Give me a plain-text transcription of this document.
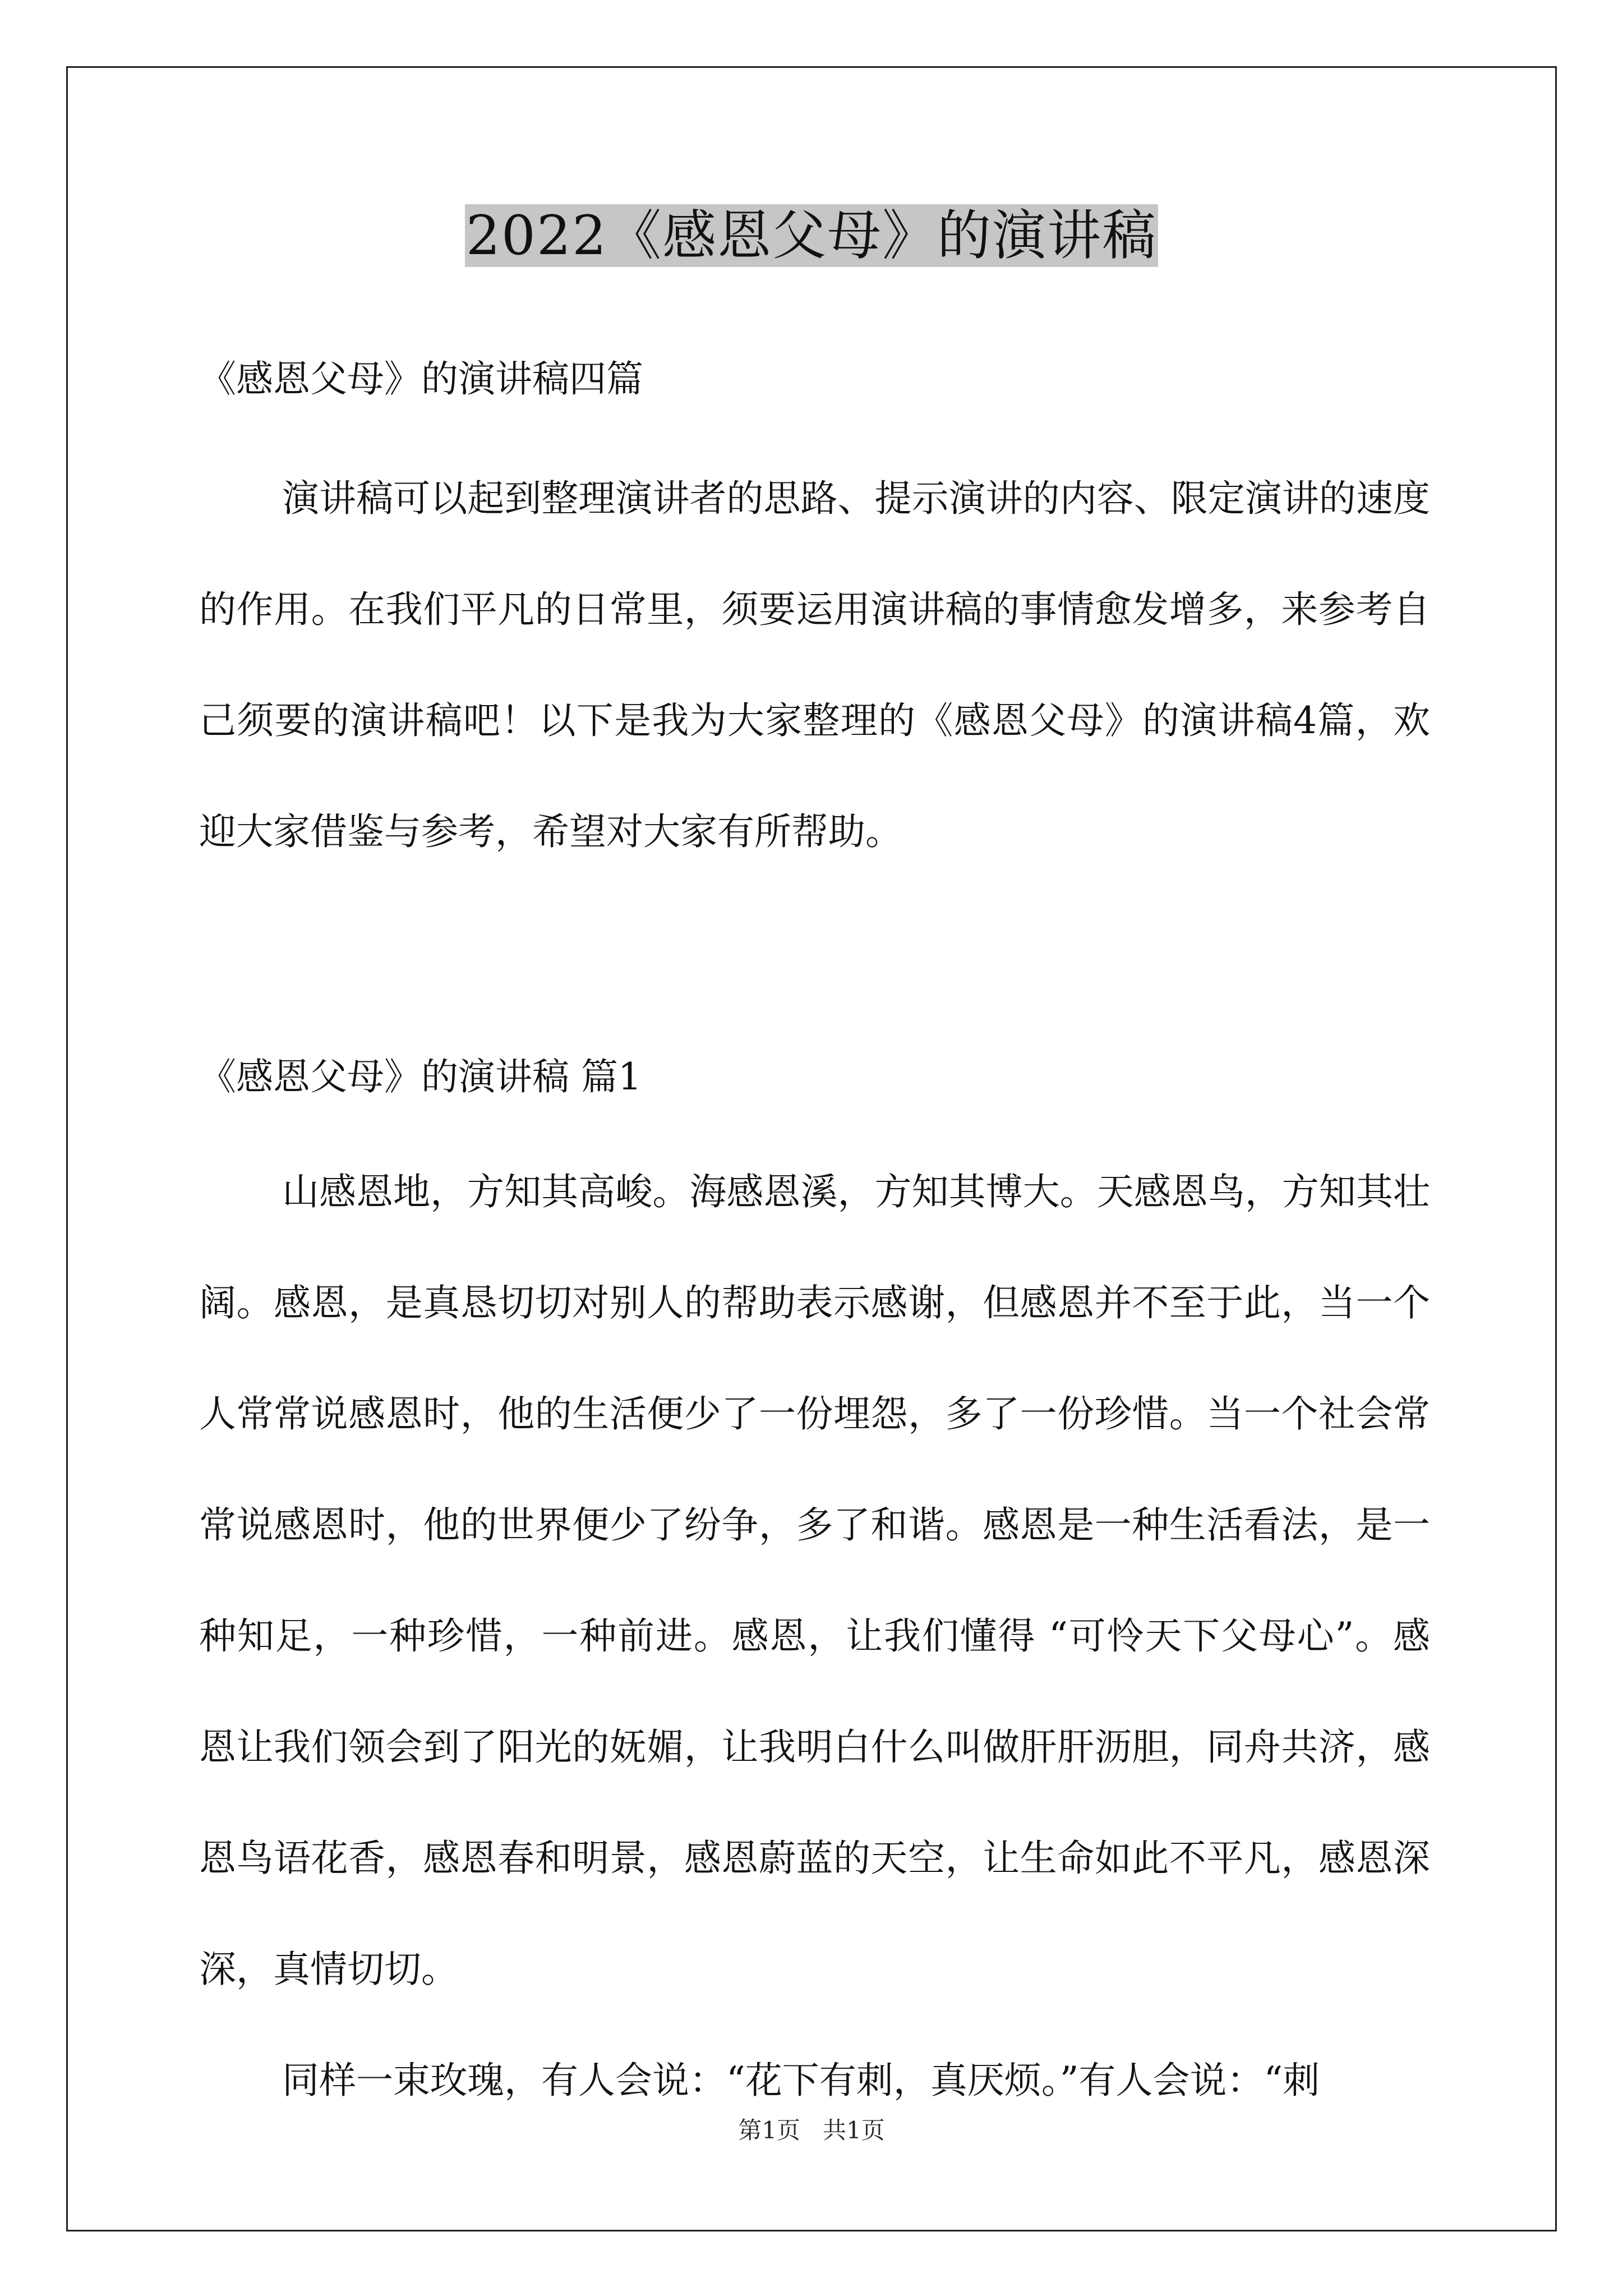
2022《感恩父母》的演讲稿

《感恩父母》的演讲稿四篇

演讲稿可以起到整理演讲者的思路、提示演讲的内容、限定演讲的速度的作用。在我们平凡的日常里，须要运用演讲稿的事情愈发增多，来参考自己须要的演讲稿吧！以下是我为大家整理的《感恩父母》的演讲稿4篇，欢迎大家借鉴与参考，希望对大家有所帮助。

《感恩父母》的演讲稿 篇1

山感恩地，方知其高峻。海感恩溪，方知其博大。天感恩鸟，方知其壮阔。感恩，是真恳切切对别人的帮助表示感谢，但感恩并不至于此，当一个人常常说感恩时，他的生活便少了一份埋怨，多了一份珍惜。当一个社会常常说感恩时，他的世界便少了纷争，多了和谐。感恩是一种生活看法，是一种知足，一种珍惜，一种前进。感恩，让我们懂得 “可怜天下父母心”。感恩让我们领会到了阳光的妩媚，让我明白什么叫做肝肝沥胆，同舟共济，感恩鸟语花香，感恩春和明景，感恩蔚蓝的天空，让生命如此不平凡，感恩深深，真情切切。

同样一束玫瑰，有人会说：“花下有刺，真厌烦。”有人会说：“刺

第1页 共1页
